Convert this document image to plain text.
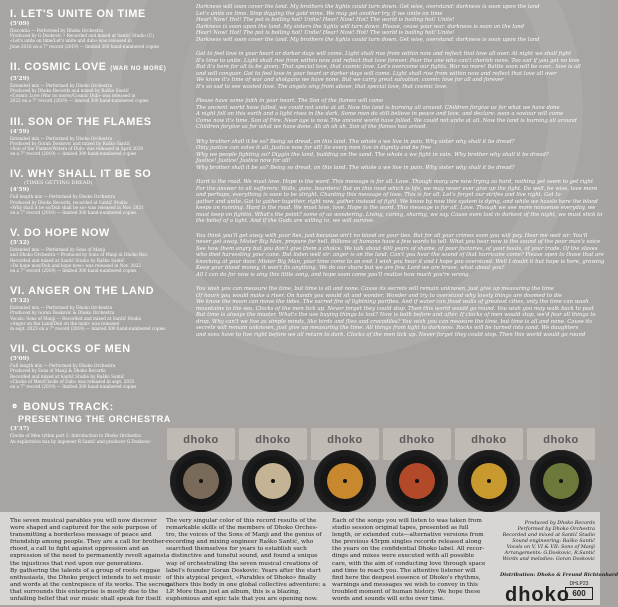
I. LET'S UNITE ON TIME
(5'09)
Discontia — Performed by Dhoko Orchestra
Produced by G.Doskovic • Recorded and mixed at Santić Studio (U)
«Let's unite on time/Let's unite and dub» was released in
June 2018 on a 7" record (2019) — limited 300 hand-numbered copies
II. COSMIC LOVE (WAR NO MORE)
(5'29)
Extended mix — Performed by Dhoko Orchestra
Produced by Dhoko Records and mixed by Raško Santić
«Cosmic Love (War no more)/Cosmic Dub» was released in
2022 on a 7" record (2019) — limited 300 hand-numbered copies
III. SON OF THE FLAMES
(4'59)
Extended mix — Performed by Dhoko Orchestra
Produced by Goran Doskovic and mixed by Raško Santić
«Son of the Flames/Waters of Dub» was released in April 2020
on a 7" record (2019) — limited 300 hand-numbered copies
IV. WHY SHALL IT BE SO
(TIMES GETTING DREAD)
(4'59)
Full length mix — Performed by Dhoko Orchestra
Produced by Dhoko Records, recorded at Santić Studio
«Why shall it be so/Dub shall be so» was released in Nov. 2021
on a 7" record (2019) — limited 300 hand-numbered copies
V. DO HOPE NOW
(5'32)
Extended mix — Performed by Sons of Manji
and Dhoko Orchestra • Produced by Sons of Manji & Dhoko Rec.
Recorded and mixed at Santić Studio by Raško Santić
«Do hope now/Dub and hope now» was released in Nov. 2022
on a 7" record (2019) — limited 300 hand-numbered copies
VI. ANGER ON THE LAND
(5'32)
Extended mix — Performed by Dhoko Orchestra
Produced by Goran Doskovic & Dhoko Orchestra
Vocals: Sons of Manji — Recorded and mixed at Santić Studio
«Anger on the Land/Dub on the land» was released
in sept. 2023 on a 7" record (2019) — limited 300 hand-numbered copies
VII. CLOCKS OF MEN
(5'09)
Full length mix — Performed by Dhoko Orchestra
Produced by Sons of Manji & Dhoko Records
Recorded and mixed at Santić Studio by Raško Santić
«Clocks of Men/Clocks of Dub» was released in sept. 2023
on a 7" record (2019) — limited 300 hand-numbered copies
⚬ BONUS TRACK:
PRESENTING THE ORCHESTRA
(3'37)
Clocks of Men rythm part 2: Introduction to Dhoko Orchestra
An explorative mix by ingeneer R.Santić and producer G.Doskovic
Darkness will soon cover the land. My brothers the lights could turn down. Get wise, overstand: darkness is soon upon the land
Let's unite on time. Stop digging the gold mine. We may get another try, if we unite on time
Hear! Now! Hot! The pot is boiling hot! Unite! Hear! Now! Hot! The world is boiling hot! Unite!
Darkness is soon upon the land. My sisters the lights will turn down. Please, cease your war: darkness is soon on the land
Hear! Now! Hot! The pot is boiling hot! Unite! Hear! Now! Hot! The world is boiling hot! Unite!
Darkness will soon cover the land. My brothers the lights could turn down. Get wise, overstand: darkness is soon upon the land
Got to feel love in your heart or darker days will come. Light shall rise from within now and reflect that love all over. At night we shall fight
It's time to unite. Light shall rise from within now and reflect that love forever. Poor the one who can't cherish none. Too sad if you get no love
But it's here for all to be given. That special love, that cosmic love. Let's overcome our fights. War no more! Battle soon will be over.. love is all
and will conquer. Got to feel love in your heart or darker days will come. Light shall rise from within now and reflect that love all over
We know it's time of war and shotguns we have none. But we carry great salvation: cosmic love for all and forever
It's so sad to see wasted love. The angels sing from above, that special love, that cosmic love.
Please have some faith in your heart. The Son of the flames will come
The ancient world have falled, we could not unite at all. Now the land is burning all around. Children forgive us for what we have done
A night fall on this earth and a light rises in the dark. Some men do still believe in peace and love, and declare: soon a saviour will come
Come now it's time. Son of Fire. Near age is now. The ancient world have falled. We could not unite at all. Now the land is burning all around
Children forgive us for what we have done. Ah ah ah ah. Son of the flames has arised.
Why brother shall it be so? Being so dread, on this land. The whole a we live in pain. Why sister why shall it be dread?
Only justice can solve it all. Justice now for all! So every men live in dignity and be free
Why we people fighting so? Diggin the land, building on the sand. The whole a we fight in vain. Why brother why shall it be dread?
Justice! Justice! Justice now for all!
Why brother shall it be so? Being so dread, on this land. The whole a we live in pain. Why sister why shall it be dread?
Hard is the road. We must love. Hope is the word. This message is for all. Love. Though many are now trying so hard, nothing yet seem to get right
For the answer to all sufferers: Walls, guns, boarders! But on this road which is life, we may never ever give up the fight. Do well, be wise, love more
and perhaps, everything is soon to be alright. Chanting this message of love. This is for all. Let's forget our strifes and live right. Got to
gather and unite. Got to gather together, right now, gather instead of fight. We know by now this system is dying, and while we hassle here the blood
keeps on running. Hard is the road. We must love, love. Hope is the word. This message is for all. Love. Though we see more nonsense everyday, we
must keep on fightin. What's the point? some of us wondering. Living, caring, sharing, we say. Cause even lost in darkest of the night, we must stick to
the belief of a light. And if the Gods are willing to, we will survive.
You think you'll get away with your lies, just because ain't no blood on your ties. But for all your crimes soon you will pay. Hear me well sir: You'll
never get away. Mister Big Man, prepare for hell. Billions of humans have a few words to tell. What you hear now is the sound of the poor man's voice
See how them angry but you don't give them a choice. We talk about 400 years of shame, of poor factories, of your boats, of your trade. Of the slaves
who died harvesting your cane. But listen well sir: anger is on the land. Can't you hear the sound of that hurricane come? Please open to those that are
knocking at your door. Mister Big Man, your time come to an end. I wish you hear it and I hope you overstand. Well I doubt it but hope is here, growing
Keep your blood money, it won't fix anything. We do our share but we are few. Lord we are brave, what about you?
All I can do for now is sing this little song, and hope soon come you'll realize how much you're wrong.
You wish you can measure the time, but time is all and none. Cause its secrets will remain unknown, just give up measuring the time
Of hours you would make a river. On hands you would sit and wonder. Wonder and try to overstand why lovely things are doomed to die
We know the moon can move the tides. The sacred fire of lightning purifies. And if water can flood walls of greatest cities, only the time can wash
mountains to the sea. Clocks of the men tick up. Never forget they could stop. Then this world would go round. You wish you may walk back to past
But time is always the master. What's the use buying things to last? Now is both before and after. If clocks of men would stop, we'd fear all things to
drop. Why can't we live as simple minds, like birds and flies and crocodiles? You wish you can measure the time, but time is all and none. Cause its
secrets will remain unknown, just give up measuring the time. All things from light to darkness. Rocks will be turned into sand. We daughters
and sons have to live right before we all return to dark. Clocks of the men tick up. Never forget they could stop. Then this world would go round
dhoko	dhoko	dhoko	dhoko	dhoko	dhoko
The seven musical parables you will now discover
were shaped and captured for the sole purpose of
transmitting a borderless message of peace and
friendship among people. They are a call for brother-
rhood, a call to fight against oppression and an
expression of the need to permanently revolt against
the injustices that rest upon our generations.
By gathering the talents of a group of roots reggae
enthusiasts, the Dhoko project intends to set music
and words at the centrepiece of its works. The secrecy
that surrounds this enterprise is mostly due to the
unfailing belief that our music shall speak for itself.
The very singular color of this record results of the
remarkable skills of the members of Dhoko Orches-
tro, the voices of the Sons of Manji and the genius of
recording and mixing engineer Raško Santić, who
searched themselves for years to establish such
a distinctive and tuneful sound, and found a unique
way of orchestrating the seven musical creations of
label's founder Goran Doskovic. Years after the start
of this atypical project, «Parables of Dhoko» finally
gathers this body in one global collective adventure: a
LP. More than just an album, this is a blazing,
euphonious and epic tale that you are opening now.
Each of the songs you will listen to was taken from
studio session original tapes, presented as full
length, or extended cuts—alternative versions from
the previous 45rpm singles records released along
the years on the confidential Dhoko label. All recor-
dings and mixes were executed with all possible
care, with the aim of conducting love through space
and time to reach you. The attentive listener will
find here the deepest essence of Dhoko's rhythms,
warnings and messages we wish to convey in this
troubled moment of human history. We hope these
words and sounds will echo over time.
Produced by Dhoko Records
Performed by Dhoko Orchestra
Recorded and mixed at Santić Studio
Sound engineering: Raško Santić
Vocals on V, VI & VII: Sons of Manji
Arrangements: G.Doskovic, R.Santić
Words and melodies: Goran Doskovic
Distribution: Dhoko & Freund Richtonhard
dhoko DHLP23
600
